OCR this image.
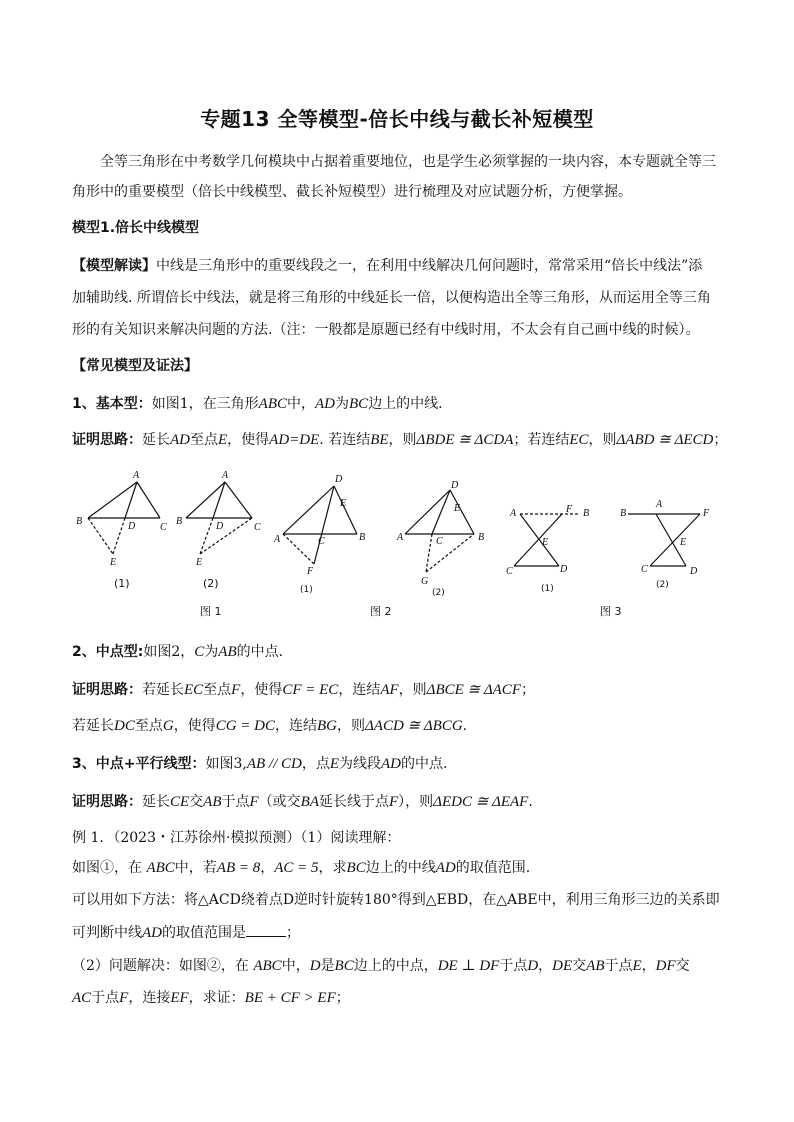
专题13 全等模型-倍长中线与截长补短模型
全等三角形在中考数学几何模块中占据着重要地位，也是学生必须掌握的一块内容，本专题就全等三
角形中的重要模型（倍长中线模型、截长补短模型）进行梳理及对应试题分析，方便掌握。
模型1.倍长中线模型
【模型解读】中线是三角形中的重要线段之一，在利用中线解决几何问题时，常常采用“倍长中线法”添
加辅助线. 所谓倍长中线法，就是将三角形的中线延长一倍，以便构造出全等三角形，从而运用全等三角
形的有关知识来解决问题的方法.（注：一般都是原题已经有中线时用，不太会有自己画中线的时候）。
【常见模型及证法】
1、基本型：如图1，在三角形ABC中，AD为BC边上的中线.
证明思路：延长AD至点E，使得AD=DE. 若连结BE，则ΔBDE ≅ ΔCDA；若连结EC，则ΔABD ≅ ΔECD；
A
B	D C
E
A
B	D	C
E
D
E
A	C	B
F
D
E
A	C	B
G
A	F B
E
C	D
B
A
F
E
C	D
(1)	(2)
图 1
(1)
图 2
(2)	(1)
图 3
(2)
2、中点型:如图2，C为AB的中点.
证明思路：若延长EC至点F，使得CF = EC，连结AF，则ΔBCE ≅ ΔACF；
若延长DC至点G，使得CG = DC，连结BG，则ΔACD ≅ ΔBCG.
3、中点+平行线型：如图3,AB // CD，点E为线段AD的中点.
证明思路：延长CE交AB于点F（或交BA延长线于点F），则ΔEDC ≅ ΔEAF.
例 1．（2023・江苏徐州·模拟预测）（1）阅读理解：
如图①，在 ABC中，若AB = 8，AC = 5，求BC边上的中线AD的取值范围.
可以用如下方法：将△ACD绕着点D逆时针旋转180°得到△EBD，在△ABE中，利用三角形三边的关系即
可判断中线AD的取值范围是	；
（2）问题解决：如图②，在 ABC中，D是BC边上的中点，DE ⊥ DF于点D，DE交AB于点E，DF交
AC于点F，连接EF，求证：BE + CF > EF；
